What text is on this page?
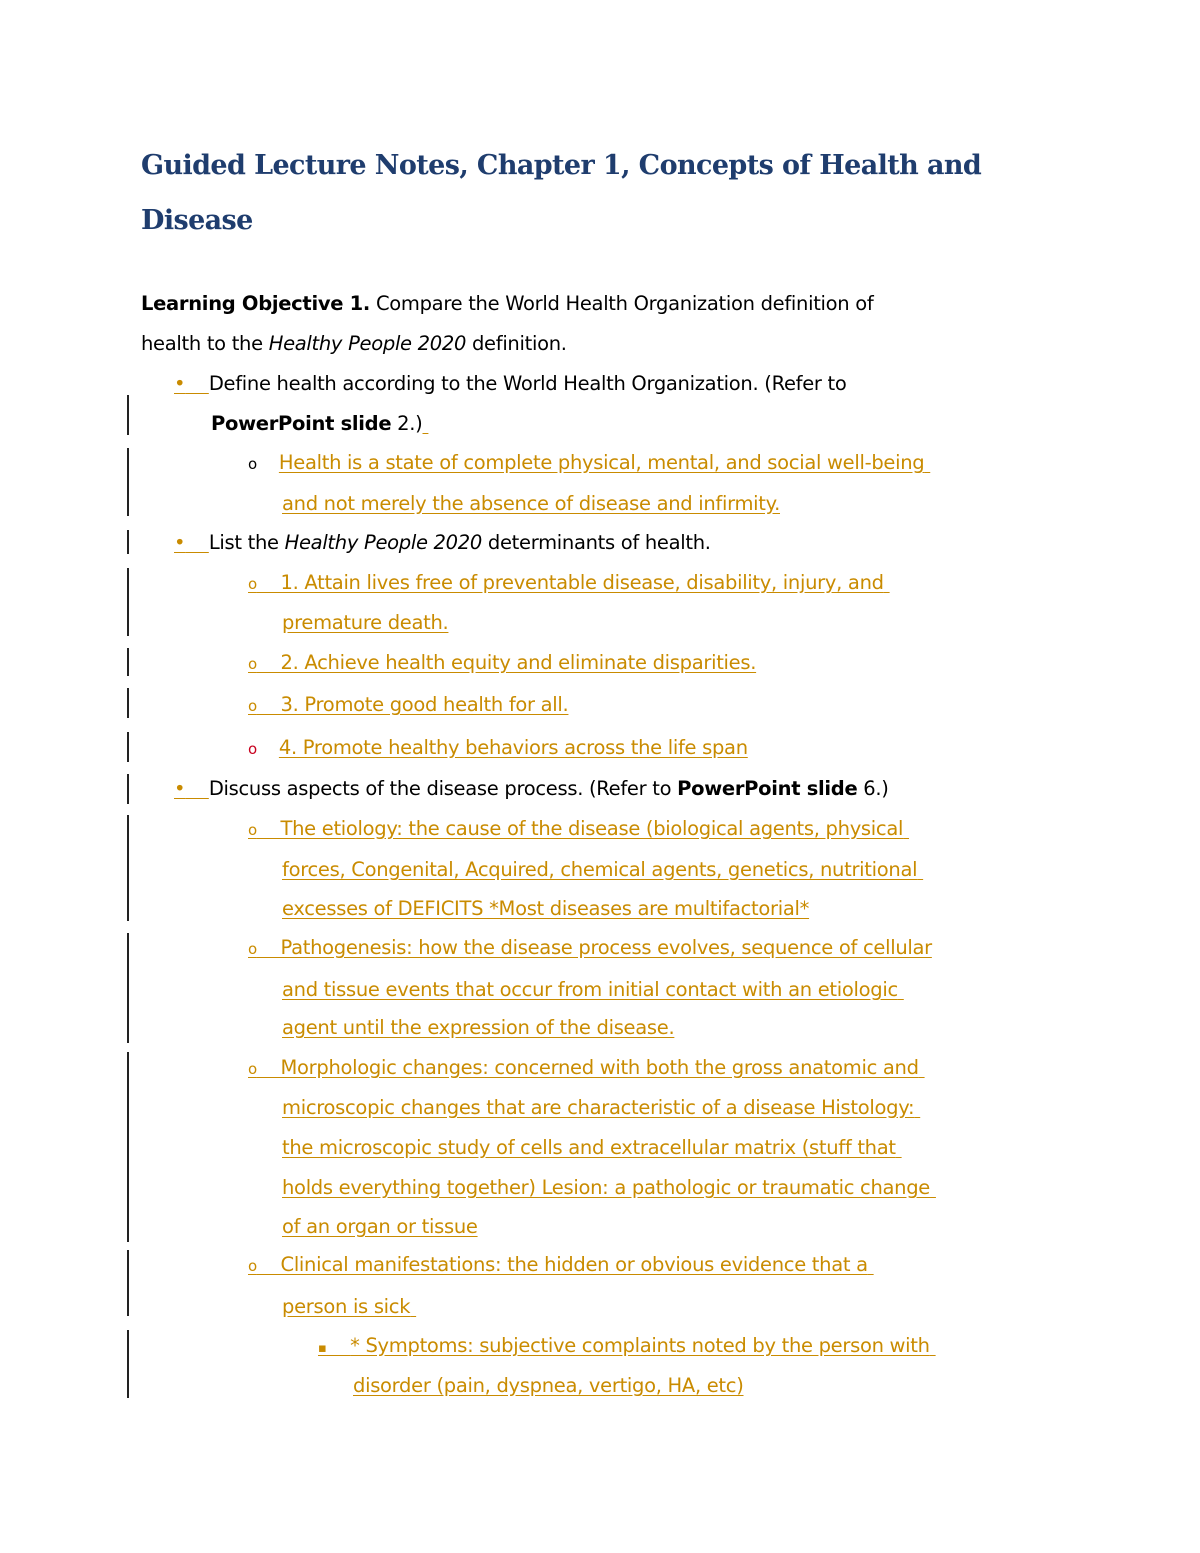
Guided Lecture Notes, Chapter 1, Concepts of Health and Disease

Learning Objective 1. Compare the World Health Organization definition of

health to the Healthy People 2020 definition.

• Define health according to the World Health Organization. (Refer to

PowerPoint slide 2.)

o Health is a state of complete physical, mental, and social well-being

and not merely the absence of disease and infirmity.

• List the Healthy People 2020 determinants of health.

o 1. Attain lives free of preventable disease, disability, injury, and

premature death.

o 2. Achieve health equity and eliminate disparities.

o 3. Promote good health for all.

o 4. Promote healthy behaviors across the life span

• Discuss aspects of the disease process. (Refer to PowerPoint slide 6.)

o The etiology: the cause of the disease (biological agents, physical

forces, Congenital, Acquired, chemical agents, genetics, nutritional

excesses of DEFICITS *Most diseases are multifactorial*

o Pathogenesis: how the disease process evolves, sequence of cellular

and tissue events that occur from initial contact with an etiologic

agent until the expression of the disease.

o Morphologic changes: concerned with both the gross anatomic and

microscopic changes that are characteristic of a disease Histology:

the microscopic study of cells and extracellular matrix (stuff that

holds everything together) Lesion: a pathologic or traumatic change

of an organ or tissue

o Clinical manifestations: the hidden or obvious evidence that a

person is sick

▪ * Symptoms: subjective complaints noted by the person with

disorder (pain, dyspnea, vertigo, HA, etc)
